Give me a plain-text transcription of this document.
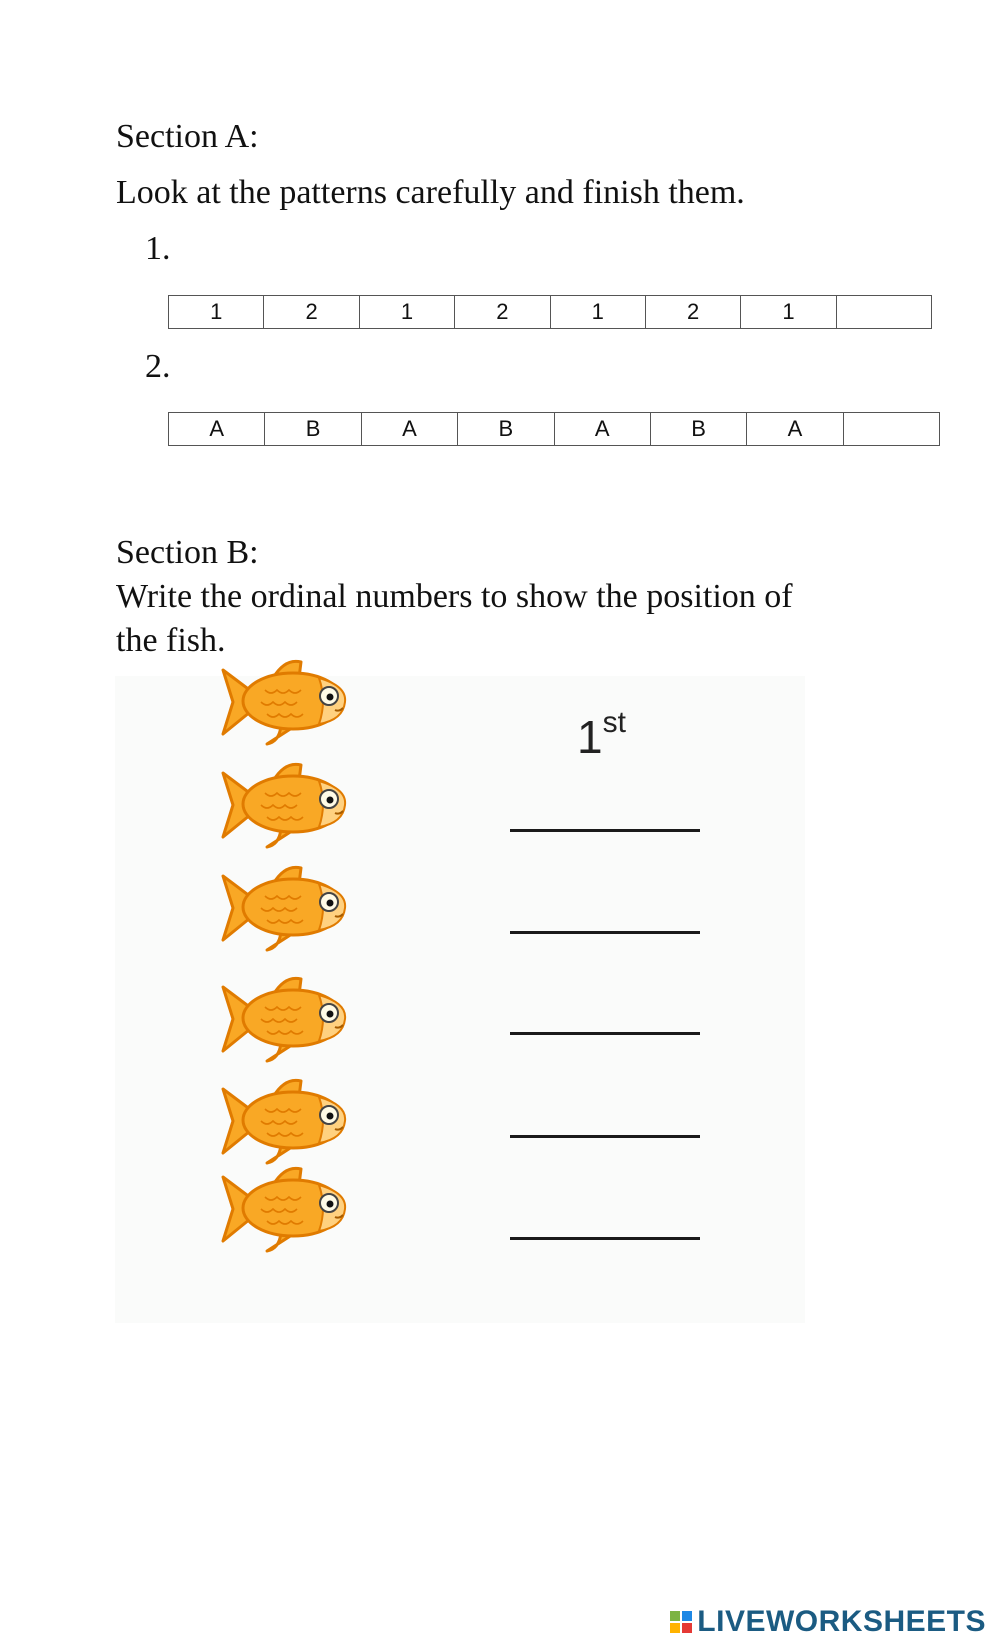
Section A:
Look at the patterns carefully and finish them.
1.
1	2	1	2	1	2	1	
2.
A	B	A	B	A	B	A	
Section B:
Write the ordinal numbers to show the position of
the fish.
1st
LIVEWORKSHEETS
